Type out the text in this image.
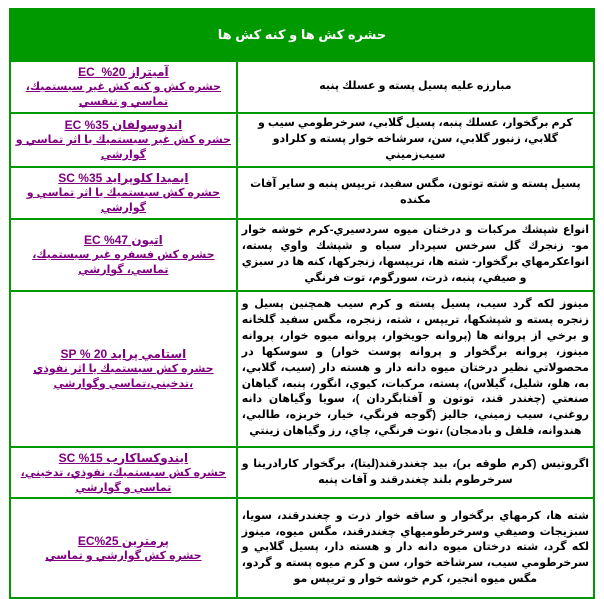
حشره كش ها و كنه كش ها	

مبارزه عليه پسيل پسته و عسلك پنبه	آميتراز 20%_EC
حشره كش و كنه كش غير سيستميك، تماسي و تنفسي

كرم برگخوار، عسلك پنبه، پسيل گلابي، سرخرطومي سيب و گلابي، زنبور گلابي، سن، سرشاخه خوار پسته و كلرادو سيب‌زميني	اندوسولفان 35% EC
حشره كش غير سيستميك يا اثر تماسي و گوارشي

پسيل پسته و شته توتون، مگس سفيد، تريپس پنبه و ساير آفات مكنده	ايميدا كلوپرايد 35% SC
حشره كش سيستميك يا اثر تماسي و گوارشي

انواع شپشك مركبات و درختان ميوه سردسيري-كرم خوشه خوار مو- زنجرك گل سرخس سپردار سياه و شپشك واوي پسته، انواعكرمهاي برگخوار- شته ها، تريپسها، زنجركها، كنه ها در سبزي و صيفي، پنبه، ذرت، سورگوم، توت فرنگي	اتيون 47% EC
حشره كش فسفره غير سيستميك، تماسي، گوارشي

مينوز لكه گرد سيب، پسيل پسته و كرم سيب همچنين پسيل و زنجره پسته و شپشكها، تريپس ، شته، زنجره، مگس سفيد گلخانه و برخي از پروانه ها (پروانه جويخوار، پروانه ميوه خوار، پروانه مينوز، پروانه برگخوار و پروانه پوست خوار) و سوسكها در محصولاتي نظير درختان ميوه دانه دار و هسته دار (سيب، گلابي، به، هلو، شليل، گيلاس)، پسته، مركبات، كيوي، انگور، پنبه، گياهان صنعتي (چغندر قند، توتون و آفتابگردان )، سويا وگياهان دانه روغني، سيب زميني، جاليز (گوجه فرنگي، خيار، خربزه، طالبي، هندوانه، فلفل و بادمجان) ،توت فرنگي، چاي، رز وگياهان زينتي	استامي پرايد 20 % SP
حشره كش سيستميك يا اثر نفوذي ،تدخيني،تماسي وگوارشي

اگروتيس (كرم طوقه بر)، بيد چغندرقند(ليتا)، برگخوار كارادرينا و سرخرطوم بلند چغندرقند و آفات پنبه	ايندوكساكارب 15% SC
حشره كش سيستميك، نفوذي، تدخيني، تماسي و گوارشي

شته ها، كرمهاي برگخوار و ساقه خوار ذرت و چغندرقند، سويا، سبزيجات وصيفي وسرخرطوميهاي چغندرقند، مگس ميوه، مينوز لكه گرد، شته درختان ميوه دانه دار و هسته دار، پسيل گلابي و سرخرطومي سيب، سرشاخه خوار، سن و كرم ميوه پسته و گردو، مگس ميوه انجير، كرم خوشه خوار و تريپس مو	پرمترين 25%EC
حشره كش گوارشي و تماسي
